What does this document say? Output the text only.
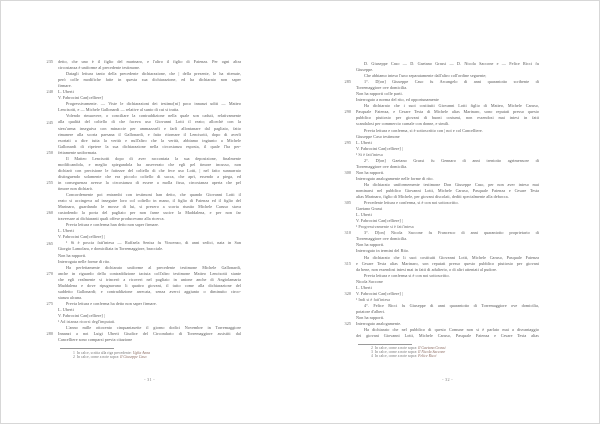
235
240
245
250
255
260
265
270
275
280
detto, che uno è il figlio del marinaro, e l'altro il figlio di Faienza. Per ogni altra
circostanza è uniforme al precedente testimone.
Datagli lettura tanto della precedente dichiarazione, che | della presente, le ha ritenute,
però colle modifiche fatte in questa sua dichiarazione, ed ha dichiarato non saper
firmare.
L. Uberti
V. Fabrocini Can[celliere]
Progressivamente. — Viste le dichiarazioni dei testimo[ni] poco innanzi uditi — Matteo
Lencisotti, e — Michele Gallonardi — relative al sunto di cui si tratta.
Volendo rimuovere, o conciliare la contraddizione nella quale son caduti, relativamente
alla qualità del coltello di che faceva uso Giovanni Lotti il reato; allorchè con la
stess'arma inseguiva con minaccie per ammazzarli e farli allontanare dal pagliaio, fatto
rimanere alla scorta paesana il Gallonardi, e fatto ritornare il Lencisotti, dopo di averli
esortati a dire tutta la verità e null'altro che la verità, abbiamo ingiunto a Michele
Gallonardi di ripetere la sua dichiarazione nella circostanza esposta, il quale l'ha per-
fettamente uniformata.
Il Matteo Lencisotti dopo di aver raccontata la sua deposizione, finalmente
modificandola, e meglio spiegandola ha asseverato che egli pel timore incusso, non
dichiarò con precisione le fattezze del coltello di che fece uso Lotti, | nel fatto sunnarrato
distinguendo solamente che era piccolo coltello di sacca, che aprì, essendo a piega, ed
in conseguenza avesse la circostanza di essere a molla fissa, circostanza aperta che pel
timore non dichiarò.
Concordemente poi entrambi con testimoni han detto, che quando Giovanni Lotti il
reato si accingeva ad inseguire loro col coltello in mano, il figlio di Faienza ed il figlio del
Marinaro, guardando le mosse di lui, si presero a scorta riunito Michele Caruso stava
custodendo la porta del pagliaio per non farne uscire la Maddalena, e per non far
traversare ai dichiaranti quali offese producevano alla ricerca.
Previa lettura e conferma han detto non saper firmare.
L. Uberti
V. Fabrocini Can[celliere] |
¹ Si è poscia fatt'intesa — Raffaela Senisa fu Vincenzo, di anni sedici, nata in San
Giorgio Lamolara, e domiciliata in Torremaggiore, bracciale.
Non ha rapporti.
Interrogata nelle forme di rito.
Ha perfettamente dichiarato uniforme al precedente testimone Michele Gallonardi,
anche in riguardo della contraddizione taciuta coll'altro testimone Matteo Lencisotti stante
che egli realmente si trincerò a ricoveri nel pagliaio in unione anche di Angiolamaria
Maddalena e dove ripugnavano li quattro giovani, il tutto come alla dichiarazione del
suddetto Gallonardi; e contraddizione arrecata, senza averci aggiunto o diminuito circo-
stanza alcuna.
Previa lettura e conferma ha detto non saper firmare.
L. Uberti
V. Fabrocini Can[celliere] |
¹ Ad istanza ricorsi degl'imputati.
L'anno mille ottocento cinquantasette il giorno dodici Novembre in Torremaggiore
Innanzi a noi Luigi Uberti Giudice del Circondario di Torremaggiore assistiti dal
Cancelliere sono comparsi previa citazione
1 In calce, scritta alla riga precedente: Uglia Anna
2 In calce, come a note sopra: Il Giuseppe Caso
- 31 -
285
290
295
300
305
310
315
320
325
D. Giuseppe Caso — D. Gaetano Grassi — D. Nicola Saccone e — Felice Ricci fu
Giuseppe.
Che abbiamo inteso l'uno separatamente dall'altro coll'ordine seguente;
1°. D[on] Giuseppe Caso fu Arcangelo di anni quarantotto scribente di
Torremaggiore ove domicilia.
Non ha rapporti colle parti.
Interrogato a norma del rito, ed opportunamente
Ha dichiarato che i suoi costituiti Giovanni Lotti figlio di Matteo, Michele Caruso,
Pasquale Faienza, e Cesare Testa di Michele alias Marinaro, sono reputati presso questo
pubblico piuttosto per giovani di buoni costumi, non essendosi mai intesi in fatti
scandalosi per commercio carnale con donne, e simili.
Previa lettura e conferma, si è sottoscritto con | noi e col Cancelliere.
Giuseppe Caso testimone
L. Uberti
V. Fabrocini Can[celliere] |
¹ Si è fatt'intesa
2°. D[on] Gaetano Grassi fu Gennaro di anni trentotto agrimensore di
Torremaggiore ove domicilia.
Non ha rapporti.
Interrogato analogamente nelle forme di rito.
Ha dichiarato uniformemente testimone Don Giuseppe Caso, per non aver inteso mai
nominarsi nel pubblico Giovanni Lotti, Michele Caruso, Pasquale Faienza e Cesare Testa
alias Marinaro, figlio di Michele, per giovani discolati, dediti specialmente alla debocca.
Precedente lettura e conferma, si è con noi sottoscritto.
Gaetano Grassi
L. Uberti
V. Fabrocini Can[celliere] |
¹ Progressivamente si è fatt'intesa
3°. D[on] Nicola Saccone fu Francesco di anni quarantotto proprietario di
Torremaggiore ove domicilia.
Non ha rapporti.
Interrogato in termini del Rito.
Ha dichiarato che li suoi costituiti Giovanni Lotti, Michele Caruso, Pasquale Faienza
e Cesare Testa alias Marinaro, son reputati presso questo pubblico piuttosto per giovani
da bene, non essendosi intesi mai in fatti di adulterio, o di altri attentati al pudore.
Previa lettura e conferma si è con noi sottoscritto.
Nicola Saccone
L. Uberti
V. Fabrocini Can[celliere] |
¹ Indi si è fatt'intesa
4°. Felice Ricci fu Giuseppe di anni quarantotto di Torremaggiore ove domicilia,
potatore d'alberi.
Non ha rapporti.
Interrogato analogamente.
Ha dichiarato che nel pubblico di questo Comune non si è parlato mai a disvantaggio
dei giovani Giovanni Lotti, Michele Caruso, Pasquale Faienza e Cesare Testa alias
2 In calce, come a note sopra: Il Gaetano Grassi
3 In calce, come a note sopra: Il Nicola Saccone
4 In calce, come a note sopra: Felice Ricci
- 32 -
